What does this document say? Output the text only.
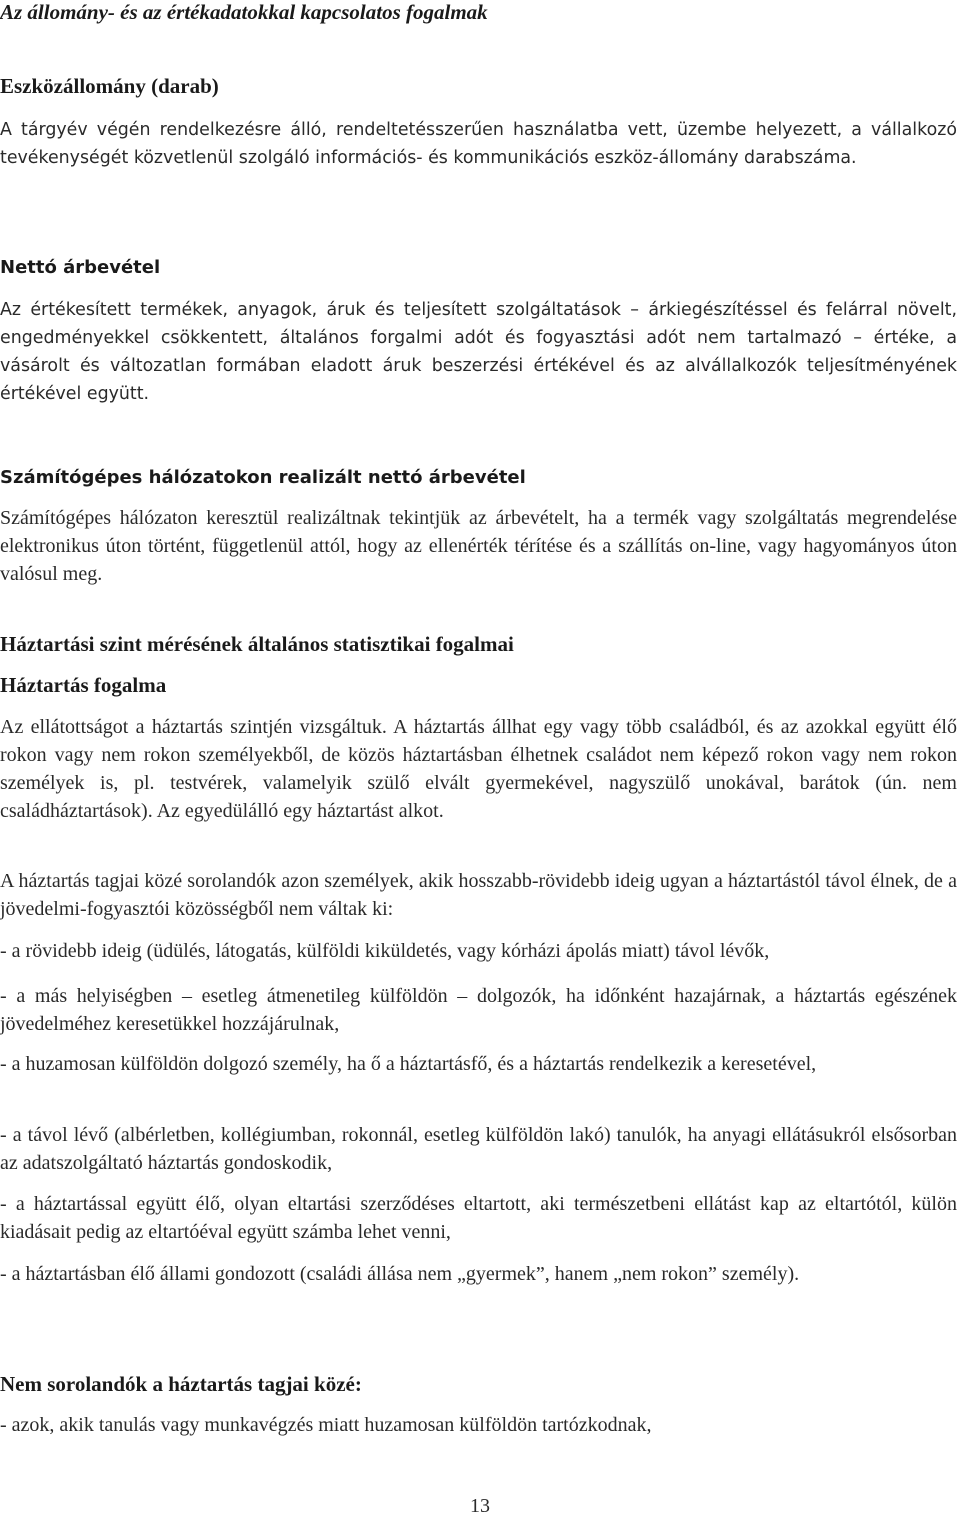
Az állomány- és az értékadatokkal kapcsolatos fogalmak
Eszközállomány (darab)
A tárgyév végén rendelkezésre álló, rendeltetésszerűen használatba vett, üzembe helyezett, a vállalkozó tevékenységét közvetlenül szolgáló információs- és kommunikációs eszköz-állomány darabszáma.
Nettó árbevétel
Az értékesített termékek, anyagok, áruk és teljesített szolgáltatások – árkiegészítéssel és felárral növelt, engedményekkel csökkentett, általános forgalmi adót és fogyasztási adót nem tartalmazó – értéke, a vásárolt és változatlan formában eladott áruk beszerzési értékével és az alvállalkozók teljesítményének értékével együtt.
Számítógépes hálózatokon realizált nettó árbevétel
Számítógépes hálózaton keresztül realizáltnak tekintjük az árbevételt, ha a termék vagy szolgáltatás megrendelése elektronikus úton történt, függetlenül attól, hogy az ellenérték térítése és a szállítás on-line, vagy hagyományos úton valósul meg.
Háztartási szint mérésének általános statisztikai fogalmai
Háztartás fogalma
Az ellátottságot a háztartás szintjén vizsgáltuk. A háztartás állhat egy vagy több családból, és az azokkal együtt élő rokon vagy nem rokon személyekből, de közös háztartásban élhetnek családot nem képező rokon vagy nem rokon személyek is, pl. testvérek, valamelyik szülő elvált gyermekével, nagyszülő unokával, barátok (ún. nem családháztartások). Az egyedülálló egy háztartást alkot.
A háztartás tagjai közé sorolandók azon személyek, akik hosszabb-rövidebb ideig ugyan a háztartástól távol élnek, de a jövedelmi-fogyasztói közösségből nem váltak ki:
- a rövidebb ideig (üdülés, látogatás, külföldi kiküldetés, vagy kórházi ápolás miatt) távol lévők,
- a más helyiségben – esetleg átmenetileg külföldön – dolgozók, ha időnként hazajárnak, a háztartás egészének jövedelméhez keresetükkel hozzájárulnak,
- a huzamosan külföldön dolgozó személy, ha ő a háztartásfő, és a háztartás rendelkezik a keresetével,
- a távol lévő (albérletben, kollégiumban, rokonnál, esetleg külföldön lakó) tanulók, ha anyagi ellátásukról elsősorban az adatszolgáltató háztartás gondoskodik,
- a háztartással együtt élő, olyan eltartási szerződéses eltartott, aki természetbeni ellátást kap az eltartótól, külön kiadásait pedig az eltartóéval együtt számba lehet venni,
- a háztartásban élő állami gondozott (családi állása nem „gyermek”, hanem „nem rokon” személy).
Nem sorolandók a háztartás tagjai közé:
- azok, akik tanulás vagy munkavégzés miatt huzamosan külföldön tartózkodnak,
13
